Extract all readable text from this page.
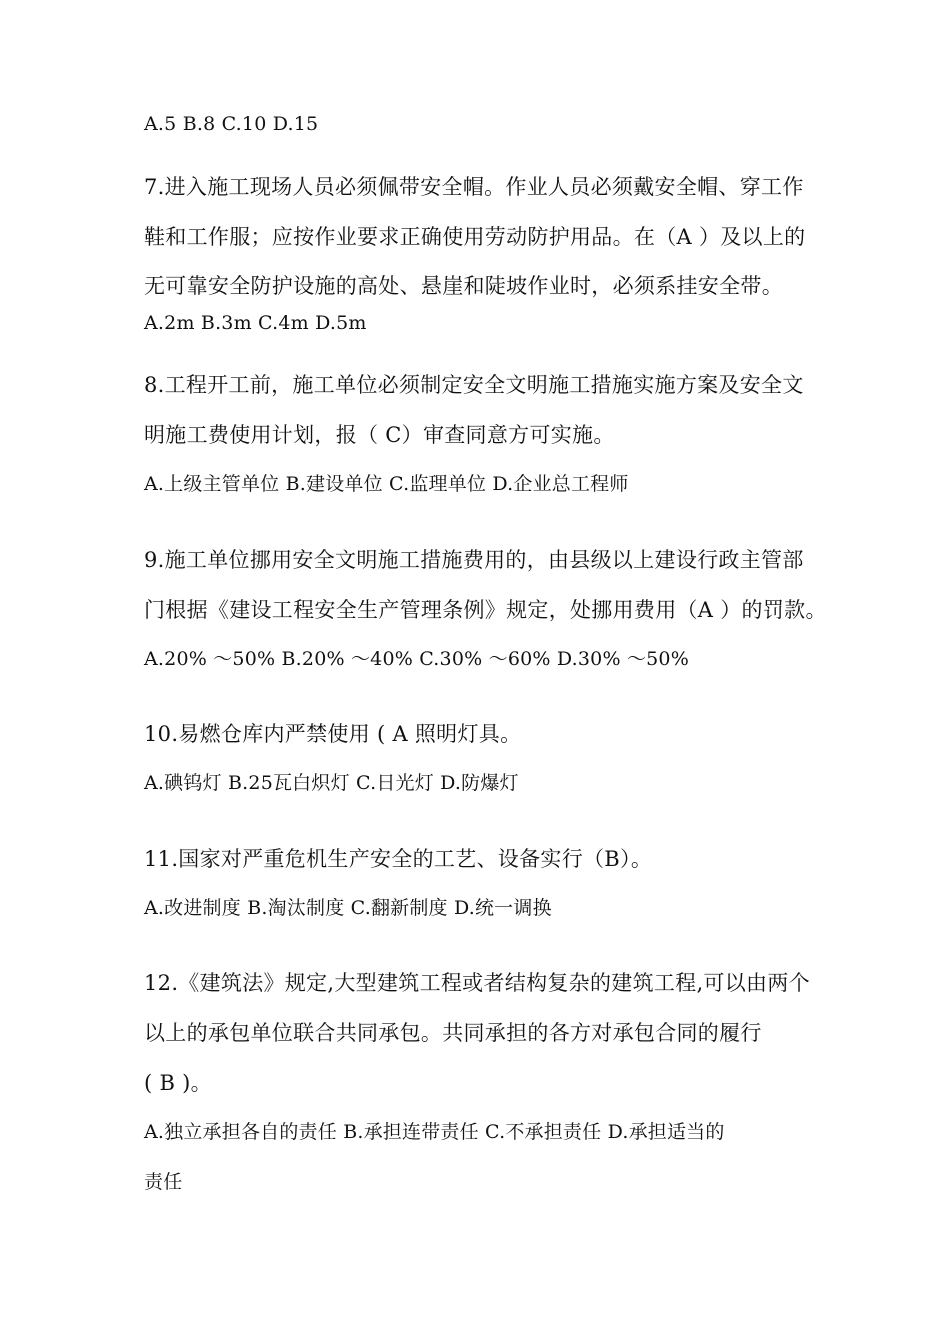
A.5 B.8 C.10 D.15
7.进入施工现场人员必须佩带安全帽。作业人员必须戴安全帽、穿工作
鞋和工作服；应按作业要求正确使用劳动防护用品。在（A ）及以上的
无可靠安全防护设施的高处、悬崖和陡坡作业时，必须系挂安全带。
A.2m B.3m C.4m D.5m
8.工程开工前，施工单位必须制定安全文明施工措施实施方案及安全文
明施工费使用计划，报（ C）审查同意方可实施。
A.上级主管单位 B.建设单位 C.监理单位 D.企业总工程师
9.施工单位挪用安全文明施工措施费用的，由县级以上建设行政主管部
门根据《建设工程安全生产管理条例》规定，处挪用费用（A ）的罚款。
A.20% ～50% B.20% ～40% C.30% ～60% D.30% ～50%
10.易燃仓库内严禁使用 ( A 照明灯具。
A.碘钨灯 B.25瓦白炽灯 C.日光灯 D.防爆灯
11.国家对严重危机生产安全的工艺、设备实行（B）。
A.改进制度 B.淘汰制度 C.翻新制度 D.统一调换
12.《建筑法》规定,大型建筑工程或者结构复杂的建筑工程,可以由两个
以上的承包单位联合共同承包。共同承担的各方对承包合同的履行
( B )。
A.独立承担各自的责任 B.承担连带责任 C.不承担责任 D.承担适当的
责任
